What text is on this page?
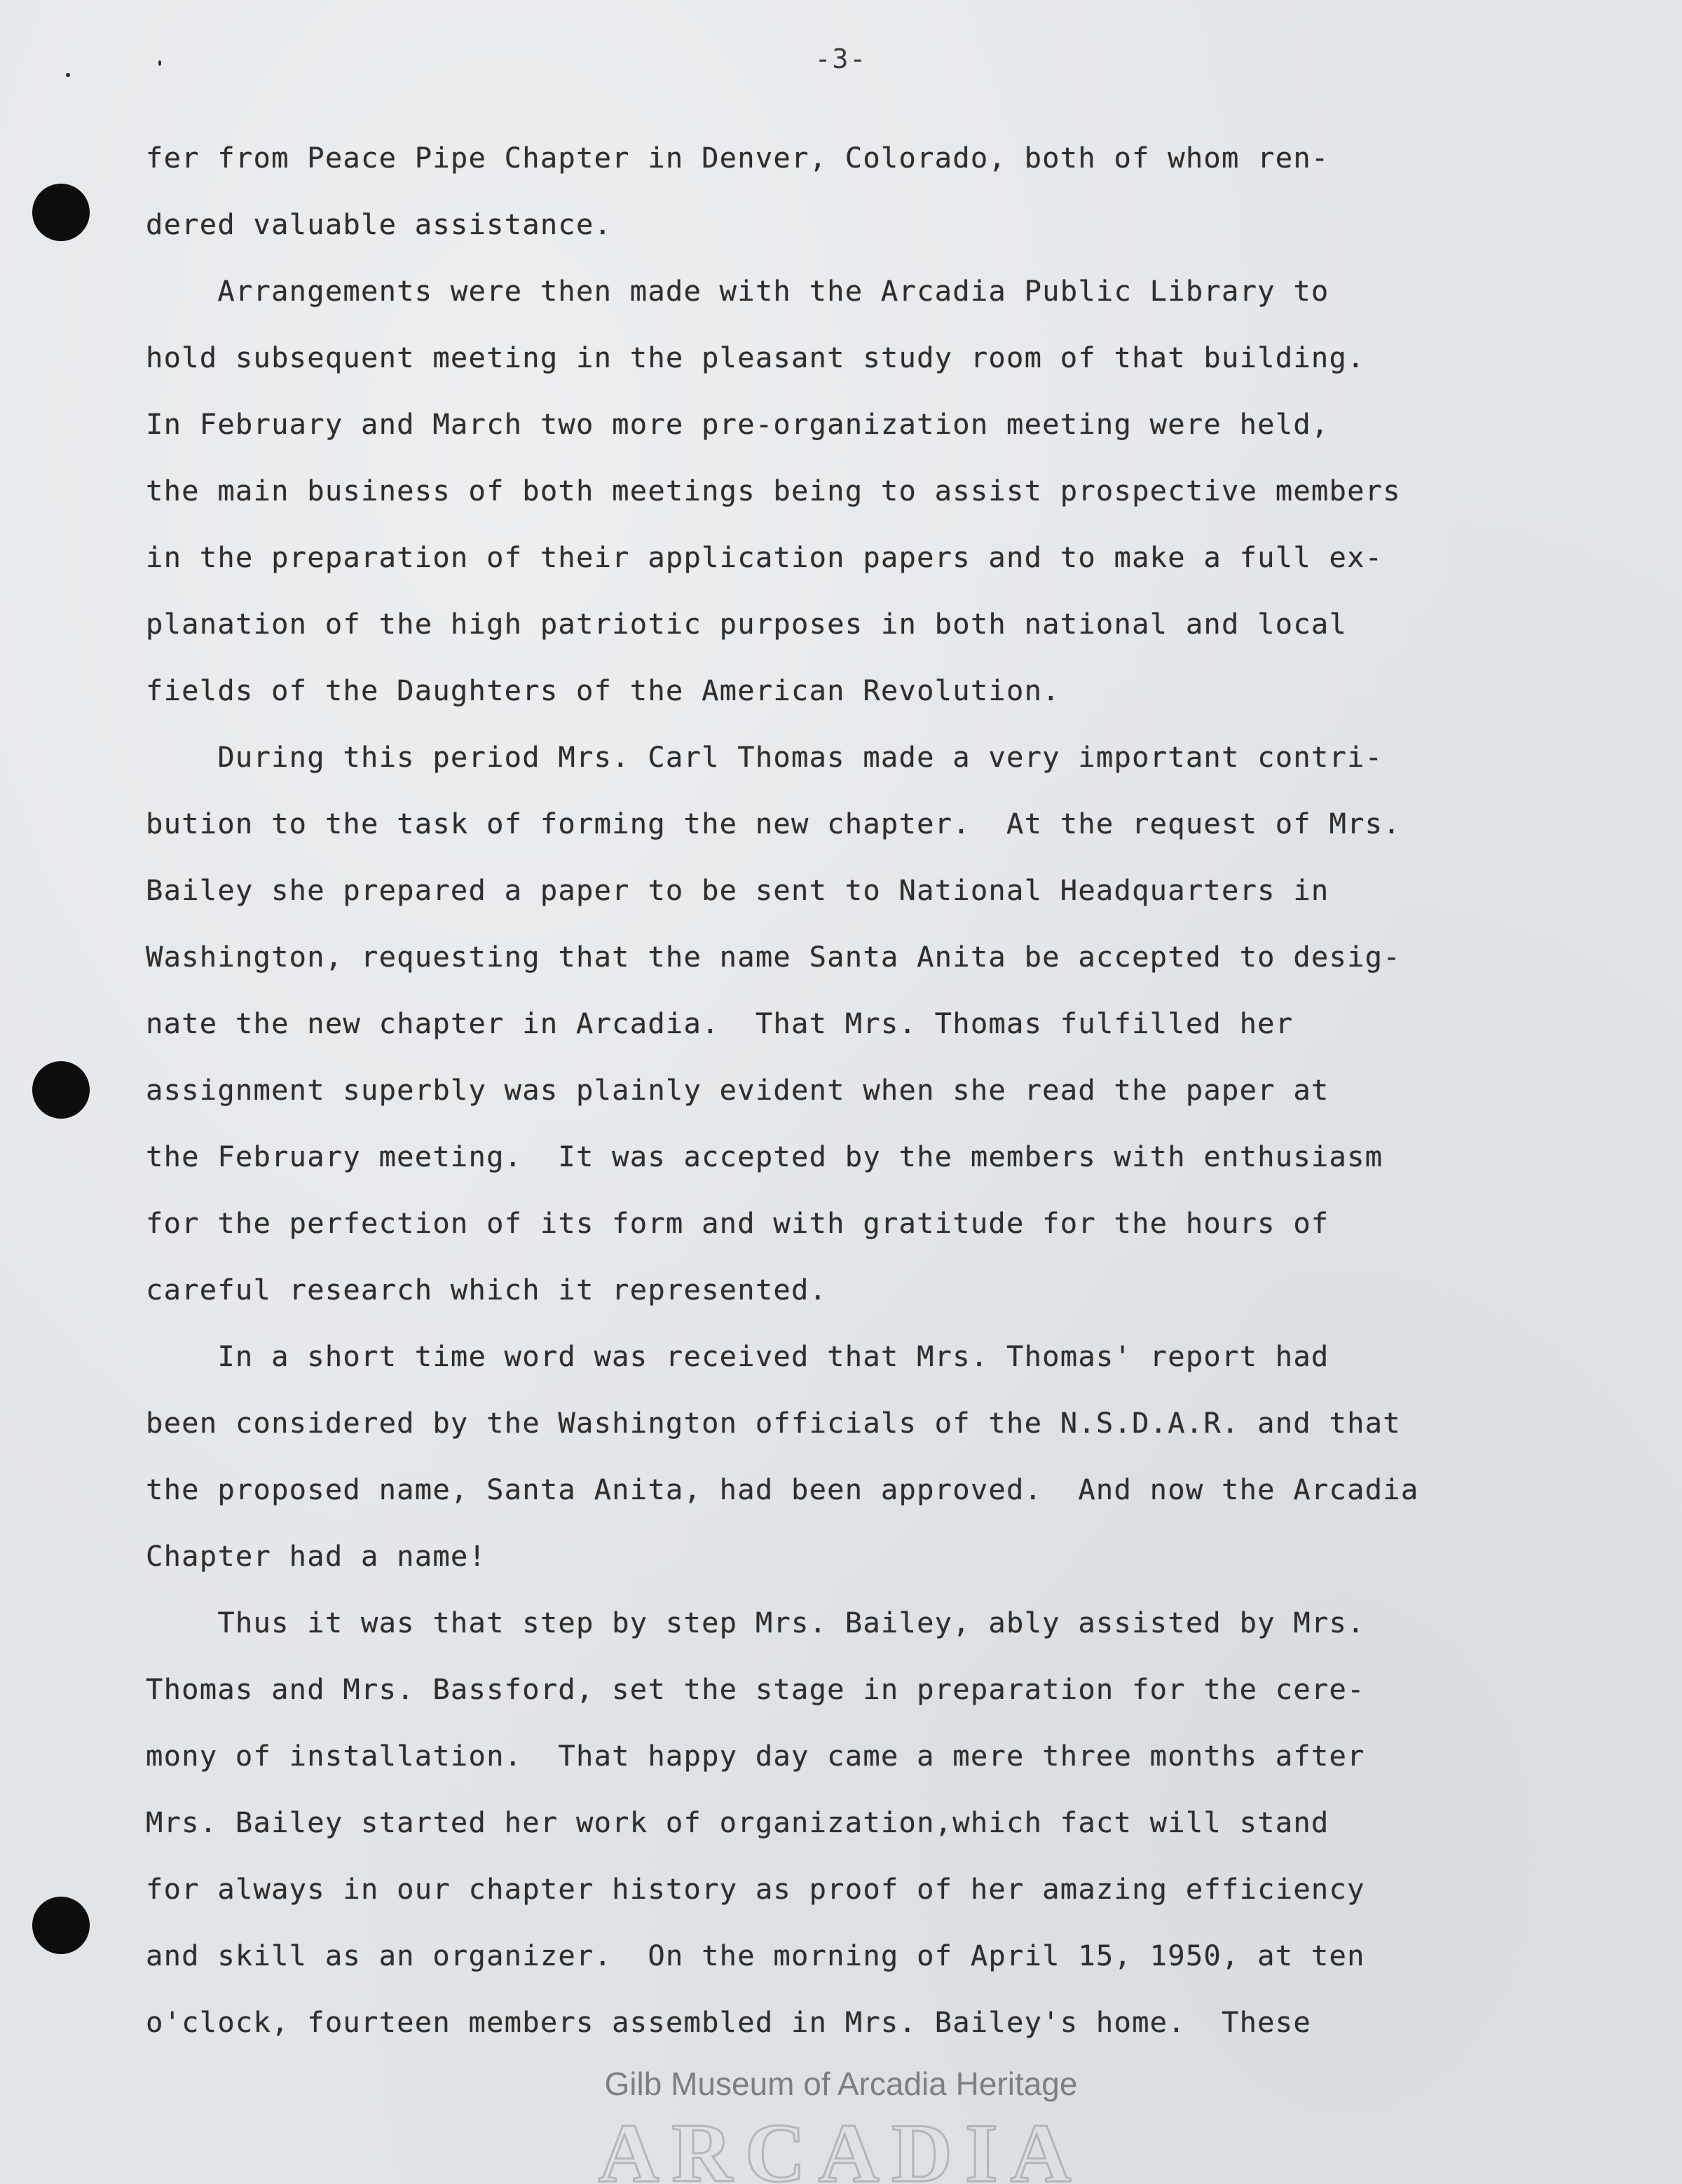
-3-
fer from Peace Pipe Chapter in Denver, Colorado, both of whom ren-
dered valuable assistance.
Arrangements were then made with the Arcadia Public Library to
hold subsequent meeting in the pleasant study room of that building.
In February and March two more pre-organization meeting were held,
the main business of both meetings being to assist prospective members
in the preparation of their application papers and to make a full ex-
planation of the high patriotic purposes in both national and local
fields of the Daughters of the American Revolution.
During this period Mrs. Carl Thomas made a very important contri-
bution to the task of forming the new chapter.  At the request of Mrs.
Bailey she prepared a paper to be sent to National Headquarters in
Washington, requesting that the name Santa Anita be accepted to desig-
nate the new chapter in Arcadia.  That Mrs. Thomas fulfilled her
assignment superbly was plainly evident when she read the paper at
the February meeting.  It was accepted by the members with enthusiasm
for the perfection of its form and with gratitude for the hours of
careful research which it represented.
In a short time word was received that Mrs. Thomas' report had
been considered by the Washington officials of the N.S.D.A.R. and that
the proposed name, Santa Anita, had been approved.  And now the Arcadia
Chapter had a name!
Thus it was that step by step Mrs. Bailey, ably assisted by Mrs.
Thomas and Mrs. Bassford, set the stage in preparation for the cere-
mony of installation.  That happy day came a mere three months after
Mrs. Bailey started her work of organization,which fact will stand
for always in our chapter history as proof of her amazing efficiency
and skill as an organizer.  On the morning of April 15, 1950, at ten
o'clock, fourteen members assembled in Mrs. Bailey's home.  These
Gilb Museum of Arcadia Heritage
ARCADIA
